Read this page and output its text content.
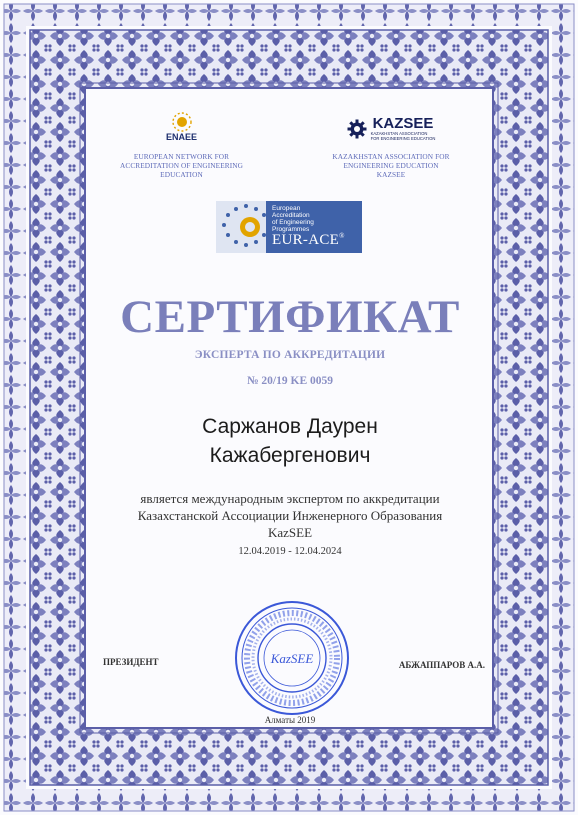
ENAEE
EUROPEAN NETWORK FOR
ACCREDITATION OF ENGINEERING
EDUCATION
KAZSEE
KAZAKHSTAN ASSOCIATION
FOR ENGINEERING EDUCATION
KAZAKHSTAN ASSOCIATION FOR
ENGINEERING EDUCATION
KAZSEE
European
Accreditation
of Engineering
Programmes
EUR-ACE®
СЕРТИФИКАТ
ЭКСПЕРТА ПО АККРЕДИТАЦИИ
№ 20/19 KE 0059
Саржанов Даурен
Кажабергенович
является международным экспертом по аккредитации
Казахстанской Ассоциации Инженерного Образования
KazSEE
12.04.2019 - 12.04.2024
ПРЕЗИДЕНТ	KazSEE	АБЖАППАРОВ А.А.
Алматы 2019
